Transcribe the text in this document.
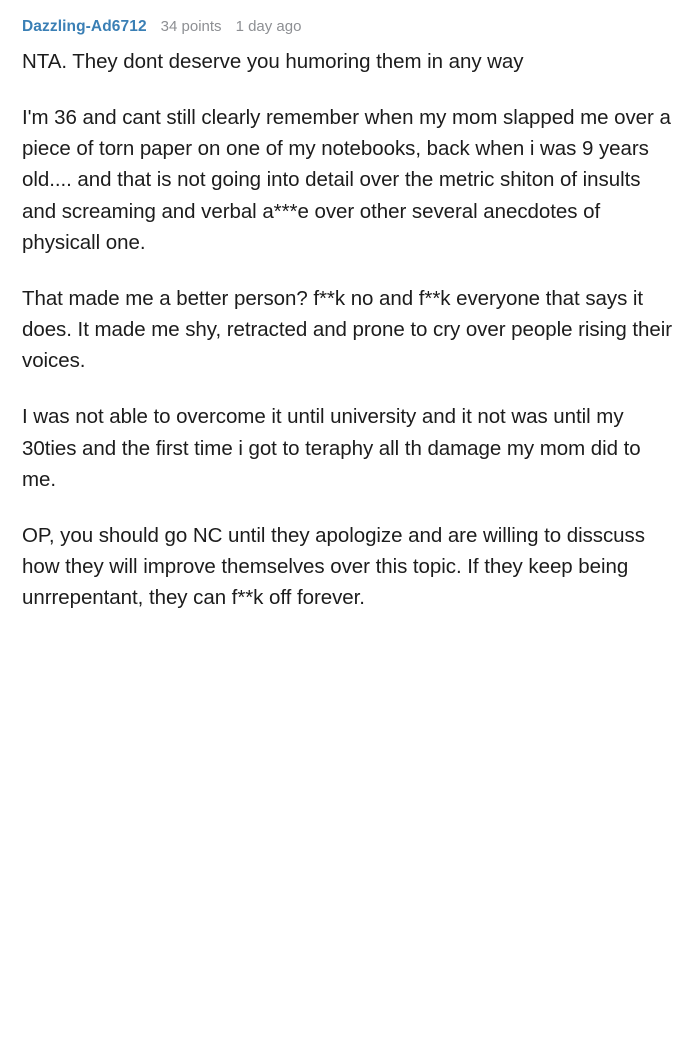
Dazzling-Ad6712 34 points 1 day ago

NTA. They dont deserve you humoring them in any way

I'm 36 and cant still clearly remember when my mom slapped me over a piece of torn paper on one of my notebooks, back when i was 9 years old.... and that is not going into detail over the metric shiton of insults and screaming and verbal a***e over other several anecdotes of physicall one.

That made me a better person? f**k no and f**k everyone that says it does. It made me shy, retracted and prone to cry over people rising their voices.

I was not able to overcome it until university and it not was until my 30ties and the first time i got to teraphy all th damage my mom did to me.

OP, you should go NC until they apologize and are willing to disscuss how they will improve themselves over this topic. If they keep being unrrepentant, they can f**k off forever.
